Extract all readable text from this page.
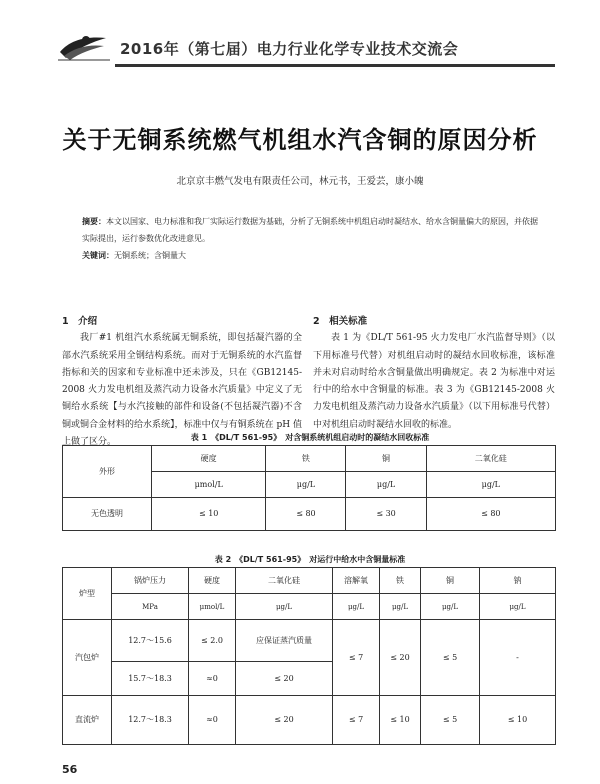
2016年（第七届）电力行业化学专业技术交流会
关于无铜系统燃气机组水汽含铜的原因分析
北京京丰燃气发电有限责任公司，林元书，王爱芸，康小魄
摘要：本文以国家、电力标准和我厂实际运行数据为基础，分析了无铜系统中机组启动时凝结水、给水含铜量偏大的原因，并依据实际提出，运行参数优化改进意见。
关键词：无铜系统；含铜量大
1　介绍
我厂#1 机组汽水系统属无铜系统，即包括凝汽器的全部水汽系统采用全钢结构系统。而对于无铜系统的水汽监督指标和关的因家和专业标准中还未涉及，只在《GB12145-2008 火力发电机组及蒸汽动力设备水汽质量》中定义了无铜给水系统【与水汽接触的部件和设备(不包括凝汽器)不含铜或铜合金材料的给水系统】，标准中仅与有铜系统在 pH 值上做了区分。
2　相关标准
表 1 为《DL/T 561-95 火力发电厂水汽监督导则》（以下用标准号代替）对机组启动时的凝结水回收标准，该标准并未对启动时给水含铜量做出明确规定。表 2 为标准中对运行中的给水中含铜量的标准。表 3 为《GB12145-2008 火力发电机组及蒸汽动力设备水汽质量》（以下用标准号代替）中对机组启动时凝结水回收的标准。
表 1　《DL/T 561-95》　对含铜系统机组启动时的凝结水回收标准
外形	硬度	铁	铜	二氧化硅
	μmol/L	μg/L	μg/L	μg/L
无色透明	≤ 10	≤ 80	≤ 30	≤ 80
表 2　《DL/T 561-95》　对运行中给水中含铜量标准
炉型	锅炉压力	硬度	二氧化硅	溶解氧	铁	铜	钠
	MPa	μmol/L	μg/L	μg/L	μg/L	μg/L	μg/L
汽包炉	12.7～15.6	≤ 2.0	应保证蒸汽质量	≤ 7	≤ 20	≤ 5	-
	15.7～18.3	≈0	≤ 20				
直流炉	12.7～18.3	≈0	≤ 20	≤ 7	≤ 10	≤ 5	≤ 10
56
